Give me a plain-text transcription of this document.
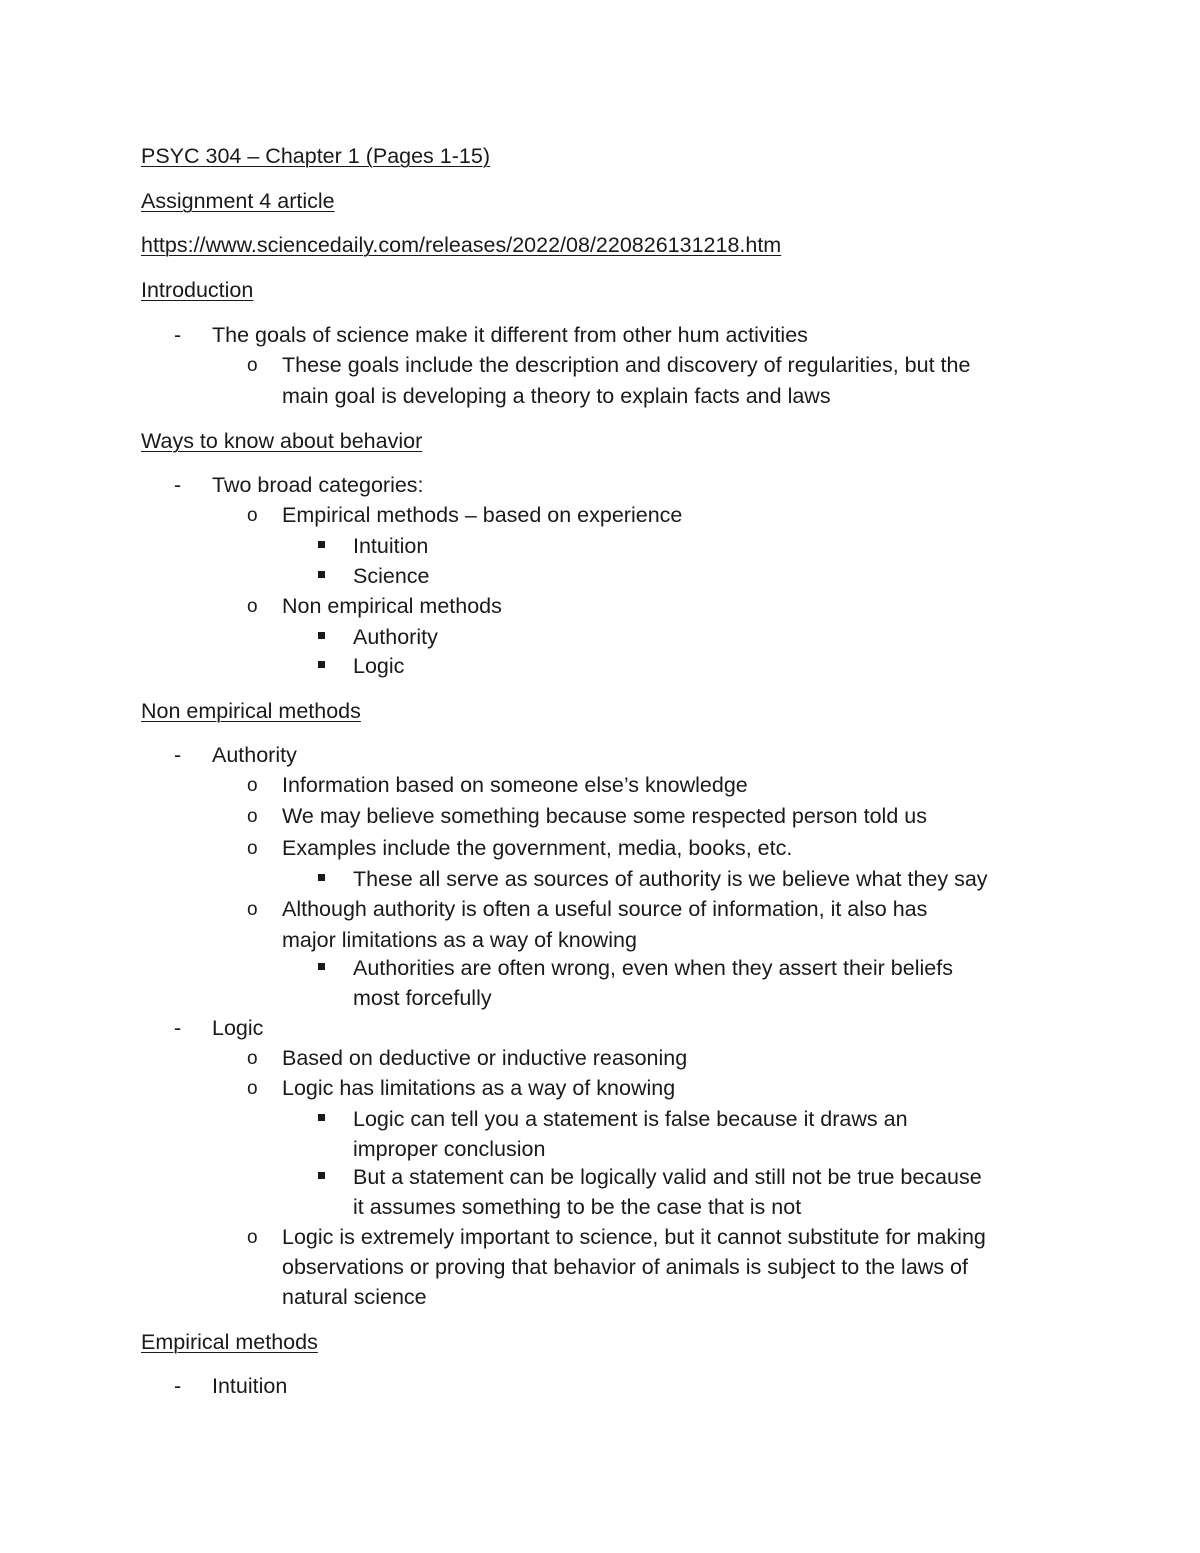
PSYC 304 – Chapter 1 (Pages 1-15)
Assignment 4 article
https://www.sciencedaily.com/releases/2022/08/220826131218.htm
Introduction
- The goals of science make it different from other hum activities
o These goals include the description and discovery of regularities, but the
main goal is developing a theory to explain facts and laws
Ways to know about behavior
- Two broad categories:
o Empirical methods – based on experience
Intuition
Science
o Non empirical methods
Authority
Logic
Non empirical methods
- Authority
o Information based on someone else’s knowledge
o We may believe something because some respected person told us
o Examples include the government, media, books, etc.
These all serve as sources of authority is we believe what they say
o Although authority is often a useful source of information, it also has
major limitations as a way of knowing
Authorities are often wrong, even when they assert their beliefs
most forcefully
- Logic
o Based on deductive or inductive reasoning
o Logic has limitations as a way of knowing
Logic can tell you a statement is false because it draws an
improper conclusion
But a statement can be logically valid and still not be true because
it assumes something to be the case that is not
o Logic is extremely important to science, but it cannot substitute for making
observations or proving that behavior of animals is subject to the laws of
natural science
Empirical methods
- Intuition
